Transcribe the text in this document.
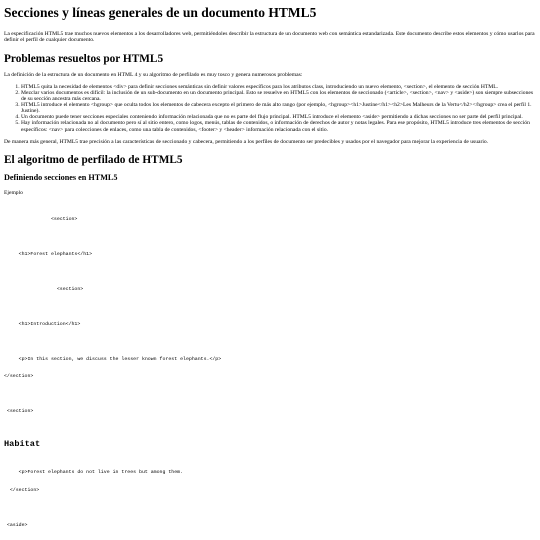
Secciones y líneas generales de un documento HTML5

La especificación HTML5 trae muchos nuevos elementos a los desarrolladores web, permitiéndoles describir la estructura de un documento web con semántica estandarizada. Este documento describe estos elementos y cómo usarlos para definir el perfil de cualquier documento.

Problemas resueltos por HTML5

La definición de la estructura de un documento en HTML 4 y su algoritmo de perfilado es muy tosco y genera numerosos problemas:

1. HTML5 quita la necesidad de elementos <div> para definir secciones semánticas sin definir valores específicos para los atributos class, introduciendo un nuevo elemento, <section>, el elemento de sección HTML.
2. Mezclar varios documentos es difícil: la inclusión de un sub-documento en un documento principal. Esto se resuelve en HTML5 con los elementos de seccionado (<article>, <section>, <nav> y <aside>) son siempre subsecciones de su sección ancestra más cercana.
3. HTML5 introduce el elemento <hgroup> que oculta todos los elementos de cabecera excepto el primero de más alto rango (por ejemplo, <hgroup><h1>Justine</h1><h2>Les Malheurs de la Vertu</h2></hgroup> crea el perfil 1. Justine).
4. Un documento puede tener secciones especiales conteniendo información relacionada que no es parte del flujo principal. HTML5 introduce el elemento <aside> permitiendo a dichas secciones no ser parte del perfil principal.
5. Hay información relacionada no al documento pero sí al sitio entero, como logos, menús, tablas de contenidos, o información de derechos de autor y notas legales. Para ese propósito, HTML5 introduce tres elementos de sección específicos: <nav> para colecciones de enlaces, como una tabla de contenidos, <footer> y <header> información relacionada con el sitio.

De manera más general, HTML5 trae precisión a las características de seccionado y cabecera, permitiendo a los perfiles de documento ser predecibles y usados por el navegador para mejorar la experiencia de usuario.

El algoritmo de perfilado de HTML5
Definiendo secciones en HTML5

Ejemplo

<section>

<h1>Forest elephants</h1>

<section>

<h1>Introduction</h1>

<p>In this section, we discuss the lesser known forest elephants.</p>

</section>

<section>

Habitat

<p>Forest elephants do not live in trees but among them.

</section>

<aside>
